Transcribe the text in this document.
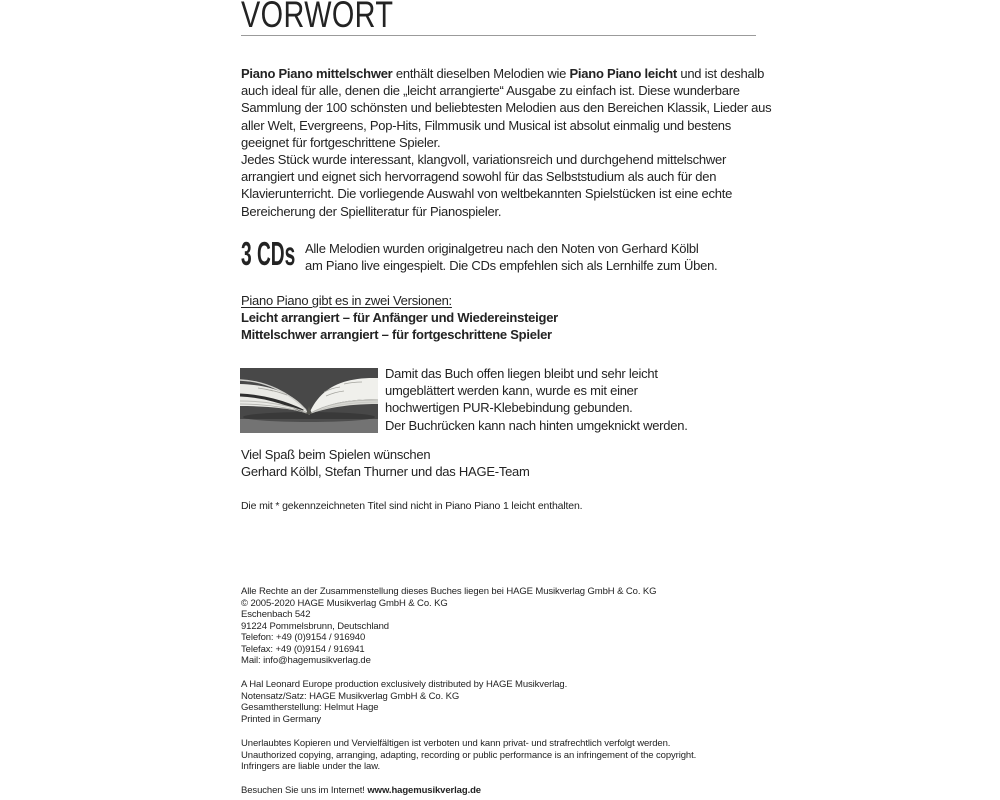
VORWORT
Piano Piano mittelschwer enthält dieselben Melodien wie Piano Piano leicht und ist deshalb
auch ideal für alle, denen die „leicht arrangierte“ Ausgabe zu einfach ist. Diese wunderbare
Sammlung der 100 schönsten und beliebtesten Melodien aus den Bereichen Klassik, Lieder aus
aller Welt, Evergreens, Pop-Hits, Filmmusik und Musical ist absolut einmalig und bestens
geeignet für fortgeschrittene Spieler.
Jedes Stück wurde interessant, klangvoll, variationsreich und durchgehend mittelschwer
arrangiert und eignet sich hervorragend sowohl für das Selbststudium als auch für den
Klavierunterricht. Die vorliegende Auswahl von weltbekannten Spielstücken ist eine echte
Bereicherung der Spielliteratur für Pianospieler.
3 CDs Alle Melodien wurden originalgetreu nach den Noten von Gerhard Kölbl
am Piano live eingespielt. Die CDs empfehlen sich als Lernhilfe zum Üben.
Piano Piano gibt es in zwei Versionen:
Leicht arrangiert – für Anfänger und Wiedereinsteiger
Mittelschwer arrangiert – für fortgeschrittene Spieler
Damit das Buch offen liegen bleibt und sehr leicht
umgeblättert werden kann, wurde es mit einer
hochwertigen PUR-Klebebindung gebunden.
Der Buchrücken kann nach hinten umgeknickt werden.
Viel Spaß beim Spielen wünschen
Gerhard Kölbl, Stefan Thurner und das HAGE-Team
Die mit * gekennzeichneten Titel sind nicht in Piano Piano 1 leicht enthalten.
Alle Rechte an der Zusammenstellung dieses Buches liegen bei HAGE Musikverlag GmbH & Co. KG
© 2005-2020 HAGE Musikverlag GmbH & Co. KG
Eschenbach 542
91224 Pommelsbrunn, Deutschland
Telefon: +49 (0)9154 / 916940
Telefax: +49 (0)9154 / 916941
Mail: info@hagemusikverlag.de
A Hal Leonard Europe production exclusively distributed by HAGE Musikverlag.
Notensatz/Satz: HAGE Musikverlag GmbH & Co. KG
Gesamtherstellung: Helmut Hage
Printed in Germany
Unerlaubtes Kopieren und Vervielfältigen ist verboten und kann privat- und strafrechtlich verfolgt werden.
Unauthorized copying, arranging, adapting, recording or public performance is an infringement of the copyright.
Infringers are liable under the law.
Besuchen Sie uns im Internet! www.hagemusikverlag.de
